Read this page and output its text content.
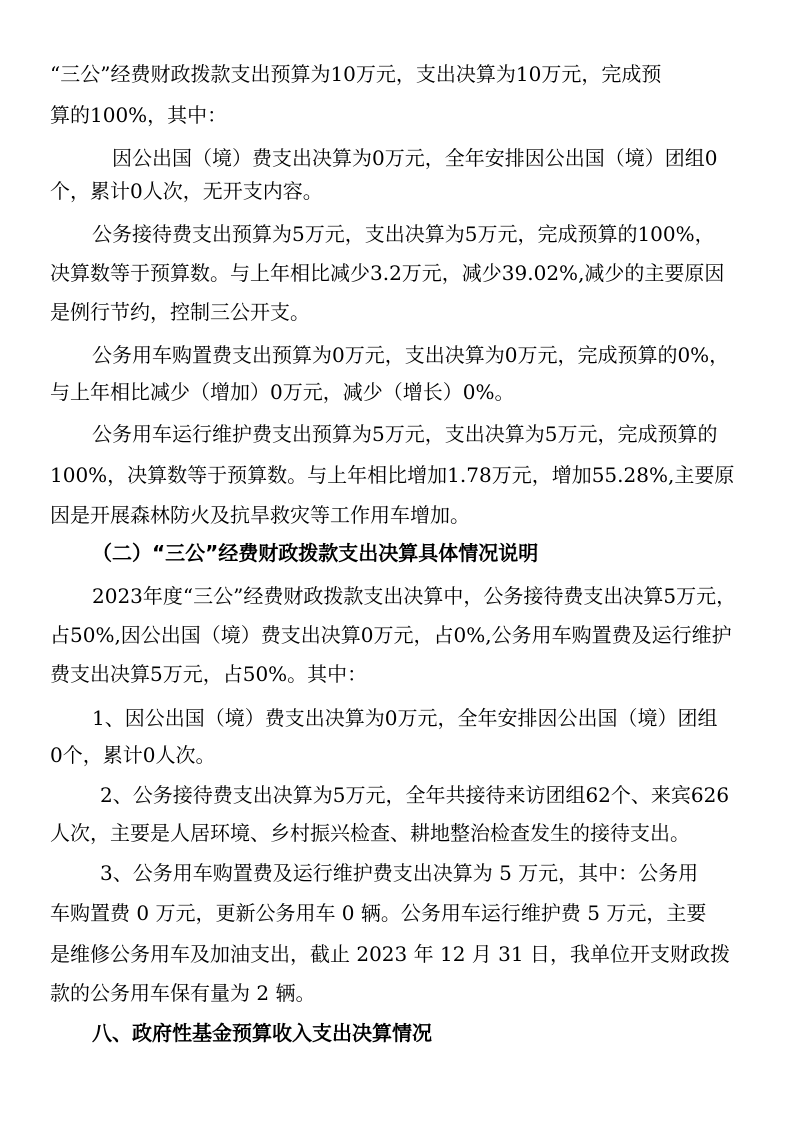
“三公”经费财政拨款支出预算为10万元，支出决算为10万元，完成预

算的100%，其中：

因公出国（境）费支出决算为0万元，全年安排因公出国（境）团组0

个，累计0人次，无开支内容。

公务接待费支出预算为5万元，支出决算为5万元，完成预算的100%，

决算数等于预算数。与上年相比减少3.2万元，减少39.02%,减少的主要原因

是例行节约，控制三公开支。

公务用车购置费支出预算为0万元，支出决算为0万元，完成预算的0%，

与上年相比减少（增加）0万元，减少（增长）0%。

公务用车运行维护费支出预算为5万元，支出决算为5万元，完成预算的

100%，决算数等于预算数。与上年相比增加1.78万元，增加55.28%,主要原

因是开展森林防火及抗旱救灾等工作用车增加。

（二）“三公”经费财政拨款支出决算具体情况说明

2023年度“三公”经费财政拨款支出决算中，公务接待费支出决算5万元，

占50%,因公出国（境）费支出决算0万元，占0%,公务用车购置费及运行维护

费支出决算5万元，占50%。其中：

1、因公出国（境）费支出决算为0万元，全年安排因公出国（境）团组

0个，累计0人次。

2、公务接待费支出决算为5万元，全年共接待来访团组62个、来宾626

人次，主要是人居环境、乡村振兴检查、耕地整治检查发生的接待支出。

3、公务用车购置费及运行维护费支出决算为 5 万元，其中：公务用

车购置费 0 万元，更新公务用车 0 辆。公务用车运行维护费 5 万元，主要

是维修公务用车及加油支出，截止 2023 年 12 月 31 日，我单位开支财政拨

款的公务用车保有量为 2 辆。

八、政府性基金预算收入支出决算情况
